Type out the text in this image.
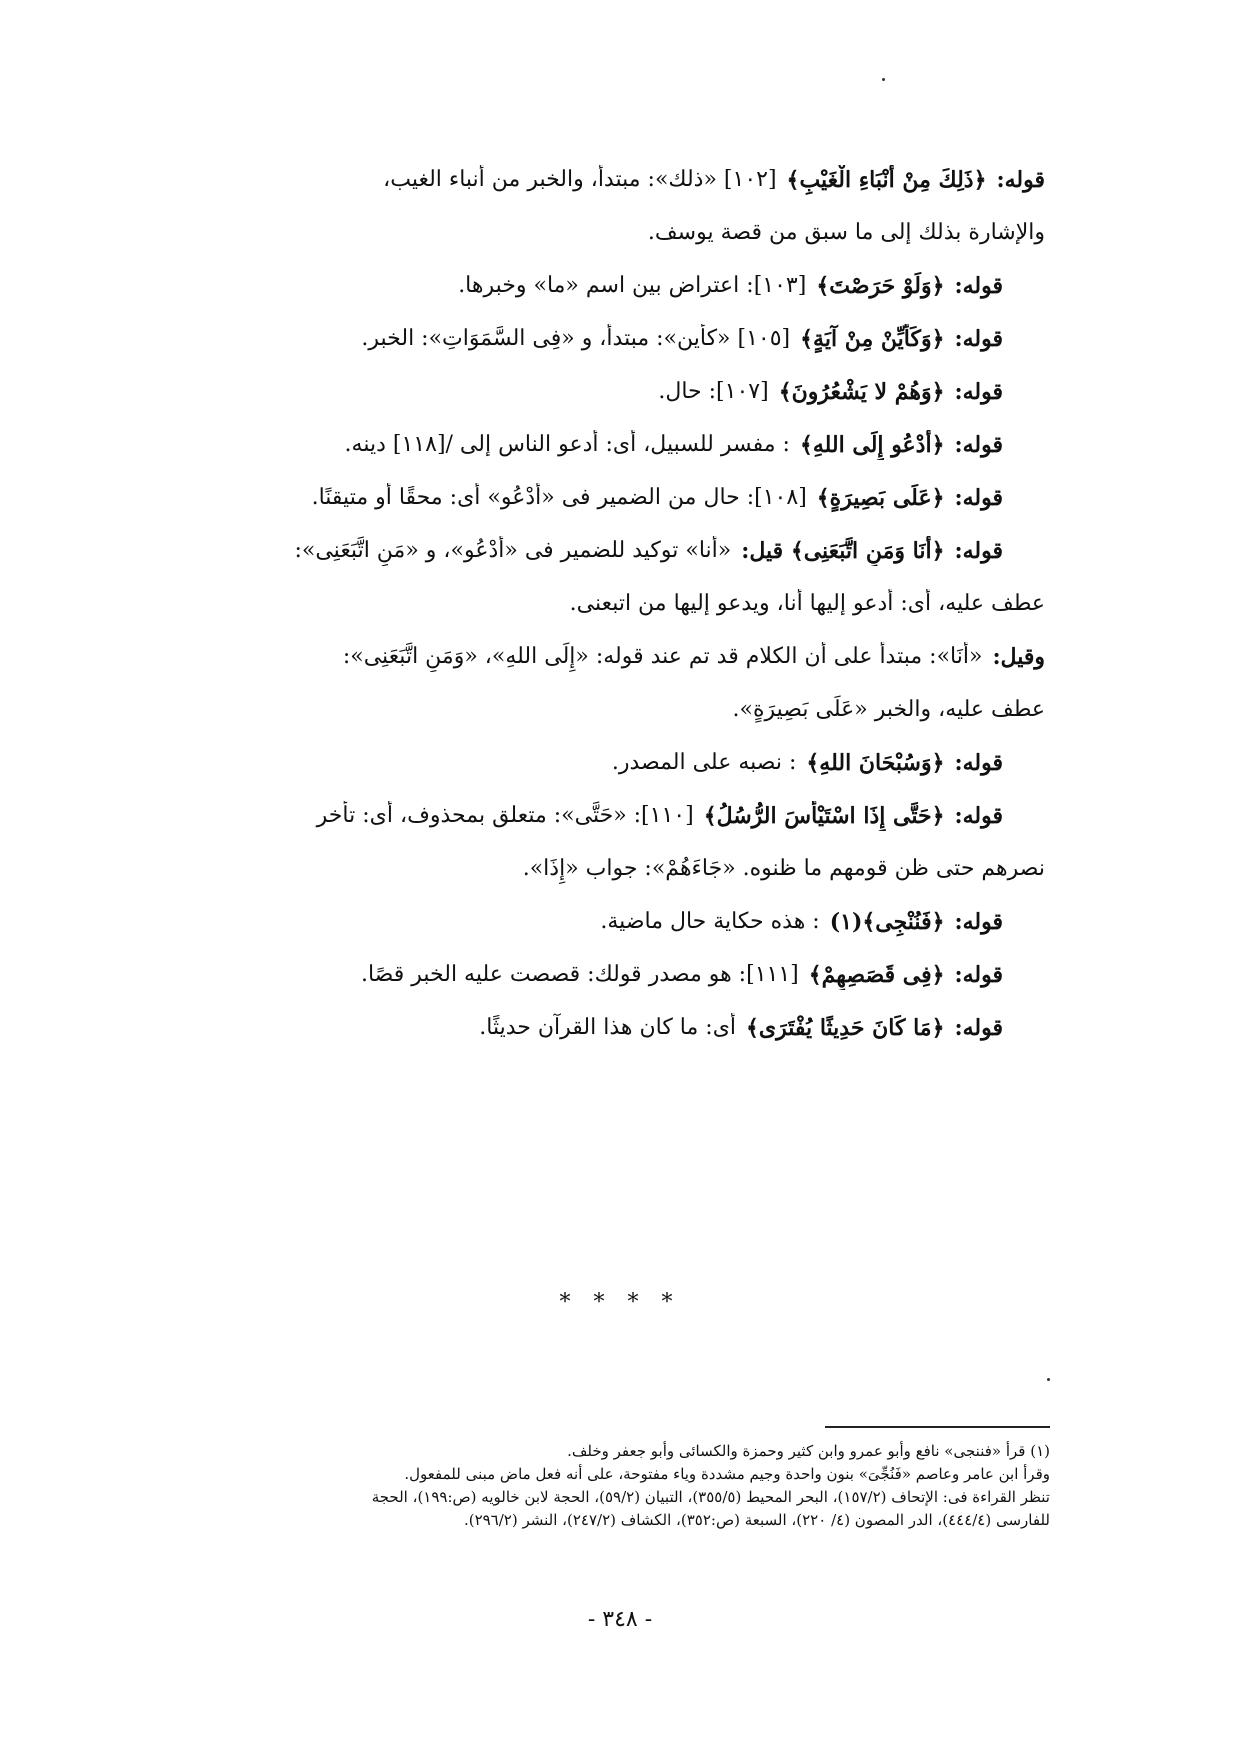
قوله:
﴿ذَلِكَ مِنْ أَنْبَاءِ الْغَيْبِ﴾
[١٠٢] «ذلك»: مبتدأ، والخبر من أنباء الغيب،
والإشارة بذلك إلى ما سبق من قصة يوسف.
قوله:
﴿وَلَوْ حَرَصْتَ﴾
[١٠٣]: اعتراض بين اسم «ما» وخبرها.
قوله:
﴿وَكَأَيِّنْ مِنْ آيَةٍ﴾
[١٠٥] «كأين»: مبتدأ، و «فِى السَّمَوَاتِ»: الخبر.
قوله:
﴿وَهُمْ لا يَشْعُرُونَ﴾
[١٠٧]: حال.
قوله:
﴿أَدْعُو إِلَى اللهِ﴾
: مفسر للسبيل، أى: أدعو الناس إلى /[١١٨] دينه.
قوله:
﴿عَلَى بَصِيرَةٍ﴾
[١٠٨]: حال من الضمير فى «أَدْعُو» أى: محقًا أو متيقنًا.
قوله:
﴿أَنَا وَمَنِ اتَّبَعَنِى﴾ قيل:
«أنا» توكيد للضمير فى «أَدْعُو»، و «مَنِ اتَّبَعَنِى»:
عطف عليه، أى: أدعو إليها أنا، ويدعو إليها من اتبعنى.
وقيل:
«أَنَا»: مبتدأ على أن الكلام قد تم عند قوله: «إِلَى اللهِ»، «وَمَنِ اتَّبَعَنِى»:
عطف عليه، والخبر «عَلَى بَصِيرَةٍ».
قوله:
﴿وَسُبْحَانَ اللهِ﴾
: نصبه على المصدر.
قوله:
﴿حَتَّى إِذَا اسْتَيْأَسَ الرُّسُلُ﴾
[١١٠]: «حَتَّى»: متعلق بمحذوف، أى: تأخر
نصرهم حتى ظن قومهم ما ظنوه. «جَاءَهُمْ»: جواب «إِذَا».
قوله:
﴿فَنُنْجِى﴾(١)
: هذه حكاية حال ماضية.
قوله:
﴿فِى قَصَصِهِمْ﴾
[١١١]: هو مصدر قولك: قصصت عليه الخبر قصًا.
قوله:
﴿مَا كَانَ حَدِيثًا يُفْتَرَى﴾
أى: ما كان هذا القرآن حديثًا.
* * * *
(١) قرأ «فننجى» نافع وأبو عمرو وابن كثير وحمزة والكسائى وأبو جعفر وخلف.
وقرأ ابن عامر وعاصم «فَنُجِّىَ» بنون واحدة وجيم مشددة وياء مفتوحة، على أنه فعل ماض مبنى للمفعول.
تنظر القراءة فى: الإتحاف (١٥٧/٢)، البحر المحيط (٣٥٥/٥)، التبيان (٥٩/٢)، الحجة لابن خالويه (ص:١٩٩)، الحجة
للفارسى (٤٤٤/٤)، الدر المصون (٤/ ٢٢٠)، السبعة (ص:٣٥٢)، الكشاف (٢٤٧/٢)، النشر (٢٩٦/٢).
- ٣٤٨ -
